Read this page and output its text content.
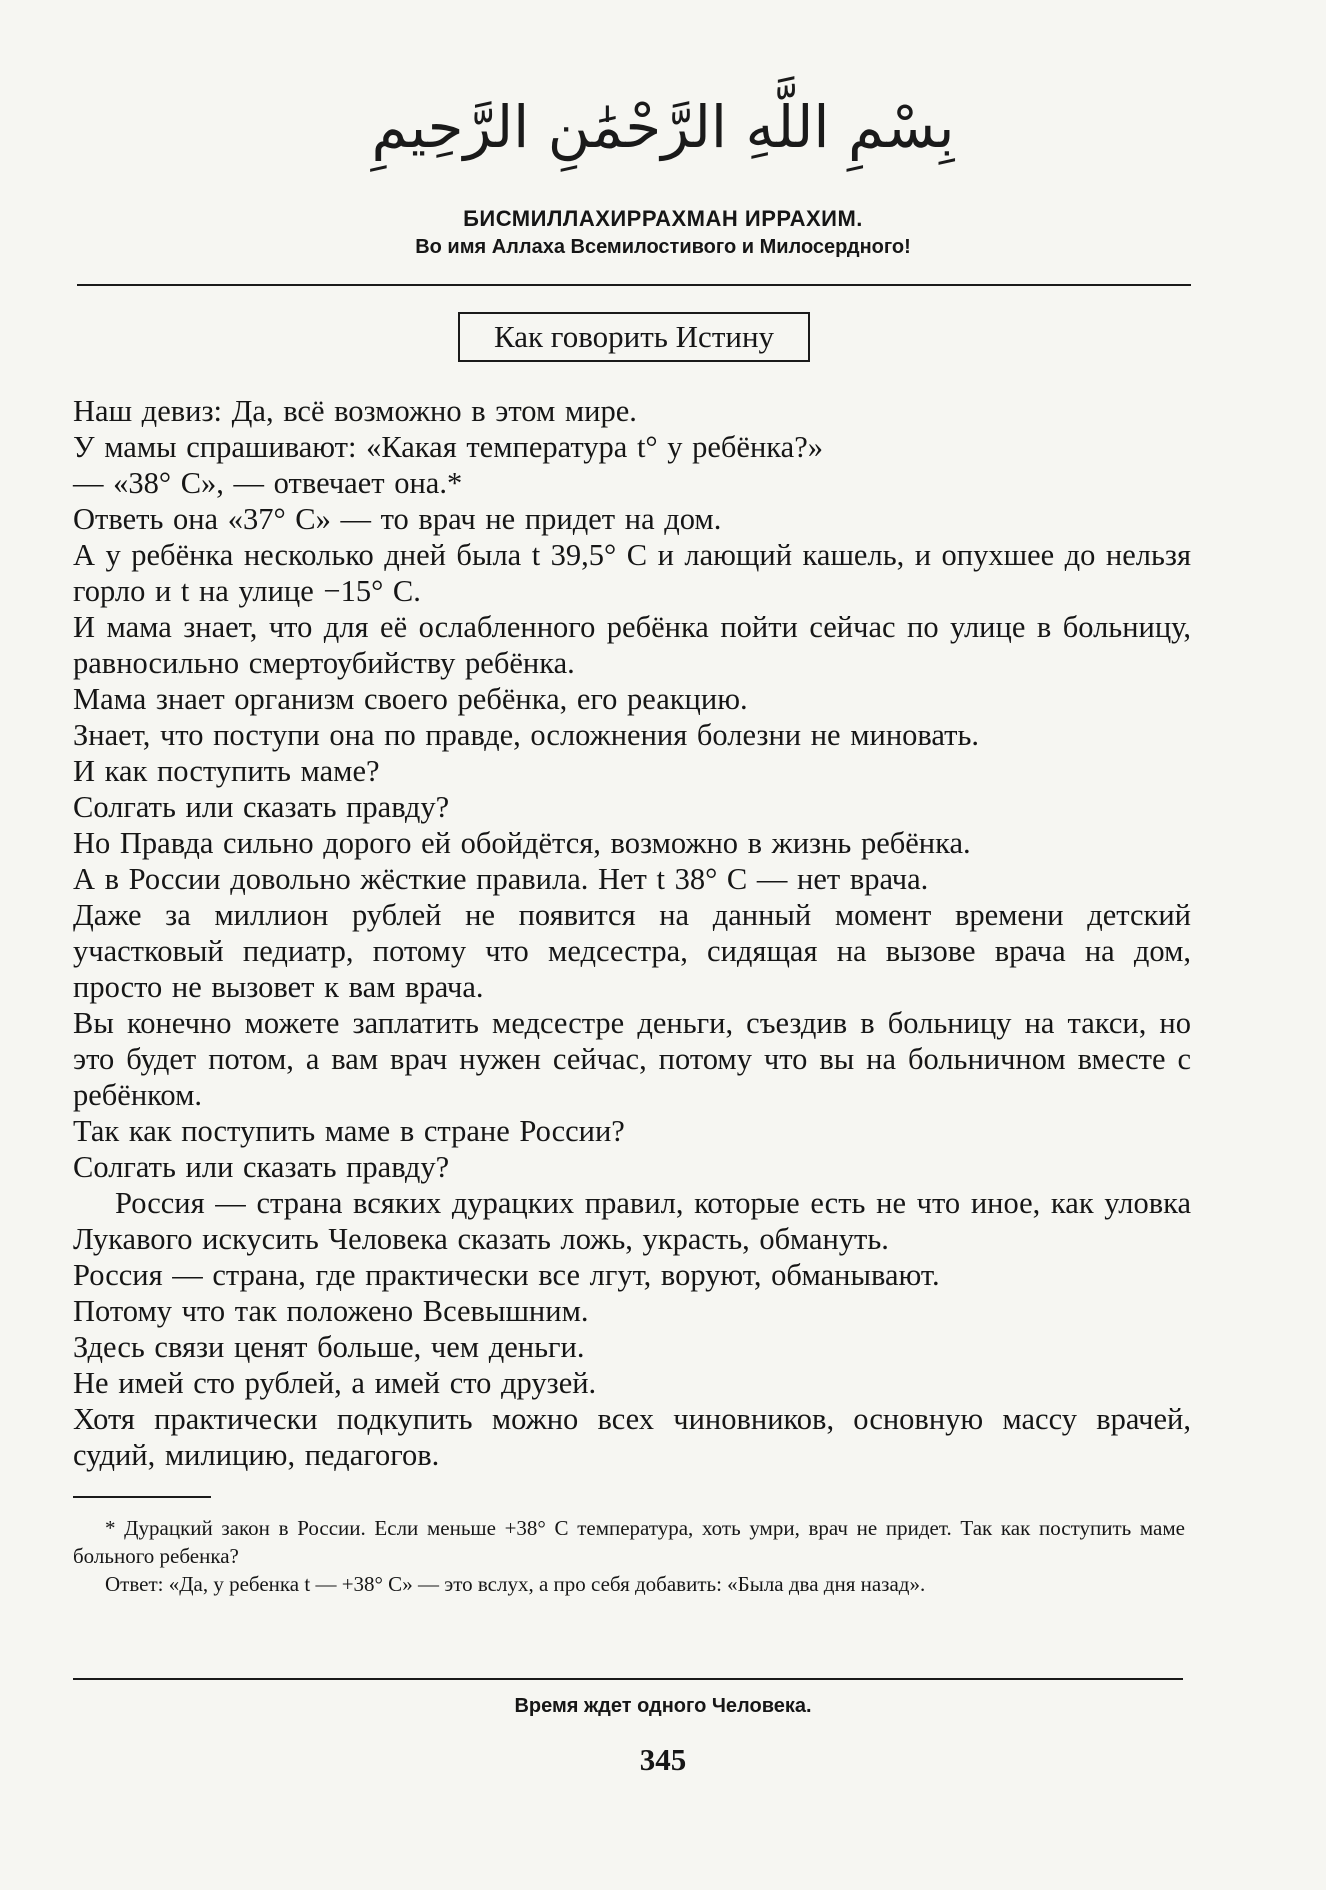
بِسْمِ اللَّهِ الرَّحْمَٰنِ الرَّحِيمِ
БИСМИЛЛАХИРРАХМАН ИРРАХИМ.
Во имя Аллаха Всемилостивого и Милосердного!
Как говорить Истину

Наш девиз: Да, всё возможно в этом мире.

У мамы спрашивают: «Какая температура t° у ребёнка?»

— «38° С», — отвечает она.*

Ответь она «37° С» — то врач не придет на дом.

А у ребёнка несколько дней была t 39,5° С и лающий кашель, и опухшее до нельзя горло и t на улице −15° С.

И мама знает, что для её ослабленного ребёнка пойти сейчас по улице в больницу, равносильно смертоубийству ребёнка.

Мама знает организм своего ребёнка, его реакцию.

Знает, что поступи она по правде, осложнения болезни не миновать.

И как поступить маме?

Солгать или сказать правду?

Но Правда сильно дорого ей обойдётся, возможно в жизнь ребёнка.

А в России довольно жёсткие правила. Нет t 38° С — нет врача.

Даже за миллион рублей не появится на данный момент времени детский участковый педиатр, потому что медсестра, сидящая на вызове врача на дом, просто не вызовет к вам врача.

Вы конечно можете заплатить медсестре деньги, съездив в больницу на такси, но это будет потом, а вам врач нужен сейчас, потому что вы на больничном вместе с ребёнком.

Так как поступить маме в стране России?

Солгать или сказать правду?

Россия — страна всяких дурацких правил, которые есть не что иное, как уловка Лукавого искусить Человека сказать ложь, украсть, обмануть.

Россия — страна, где практически все лгут, воруют, обманывают.

Потому что так положено Всевышним.

Здесь связи ценят больше, чем деньги.

Не имей сто рублей, а имей сто друзей.

Хотя практически подкупить можно всех чиновников, основную массу врачей, судий, милицию, педагогов.

* Дурацкий закон в России. Если меньше +38° С температура, хоть умри, врач не придет. Так как поступить маме больного ребенка?

Ответ: «Да, у ребенка t — +38° С» — это вслух, а про себя добавить: «Была два дня назад».

Время ждет одного Человека.
345
